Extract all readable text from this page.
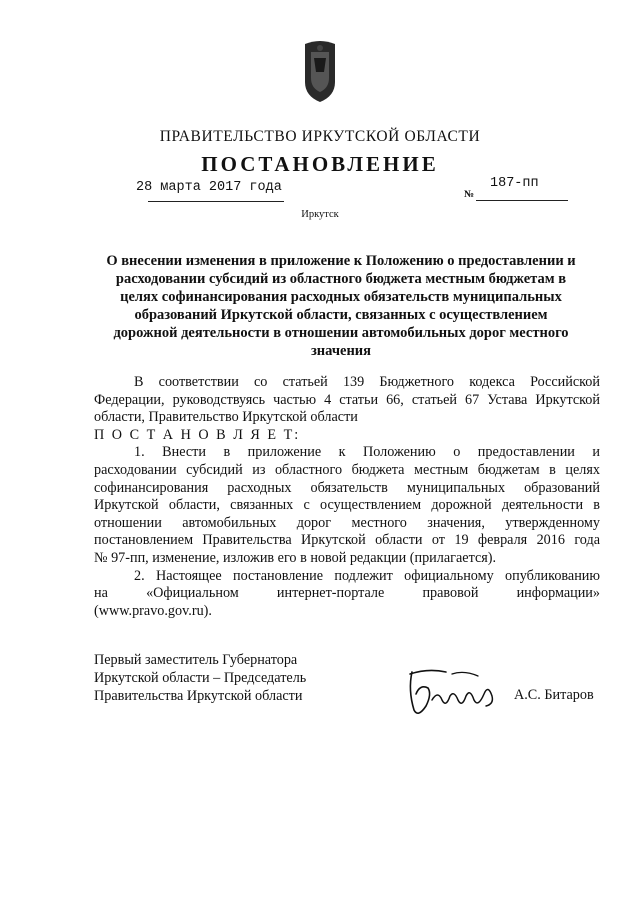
ПРАВИТЕЛЬСТВО ИРКУТСКОЙ ОБЛАСТИ
ПОСТАНОВЛЕНИЕ
28 марта 2017 года	№
187-пп
Иркутск
О внесении изменения в приложение к Положению о предоставлении и
расходовании субсидий из областного бюджета местным бюджетам в
целях софинансирования расходных обязательств муниципальных
образований Иркутской области, связанных с осуществлением
дорожной деятельности в отношении автомобильных дорог местного
значения

В соответствии со статьей 139 Бюджетного кодекса Российской

Федерации, руководствуясь частью 4 статьи 66, статьей 67 Устава Иркутской

области, Правительство Иркутской области

П О С Т А Н О В Л Я Е Т:

1. Внести в приложение к Положению о предоставлении и

расходовании субсидий из областного бюджета местным бюджетам в целях

софинансирования расходных обязательств муниципальных образований

Иркутской области, связанных с осуществлением дорожной деятельности в

отношении автомобильных дорог местного значения, утвержденному

постановлением Правительства Иркутской области от 19 февраля 2016 года

№ 97-пп, изменение, изложив его в новой редакции (прилагается).

2. Настоящее постановление подлежит официальному опубликованию

на «Официальном интернет-портале правовой информации»

(www.pravo.gov.ru).

Первый заместитель Губернатора
Иркутской области – Председатель
Правительства Иркутской области	А.С. Битаров
